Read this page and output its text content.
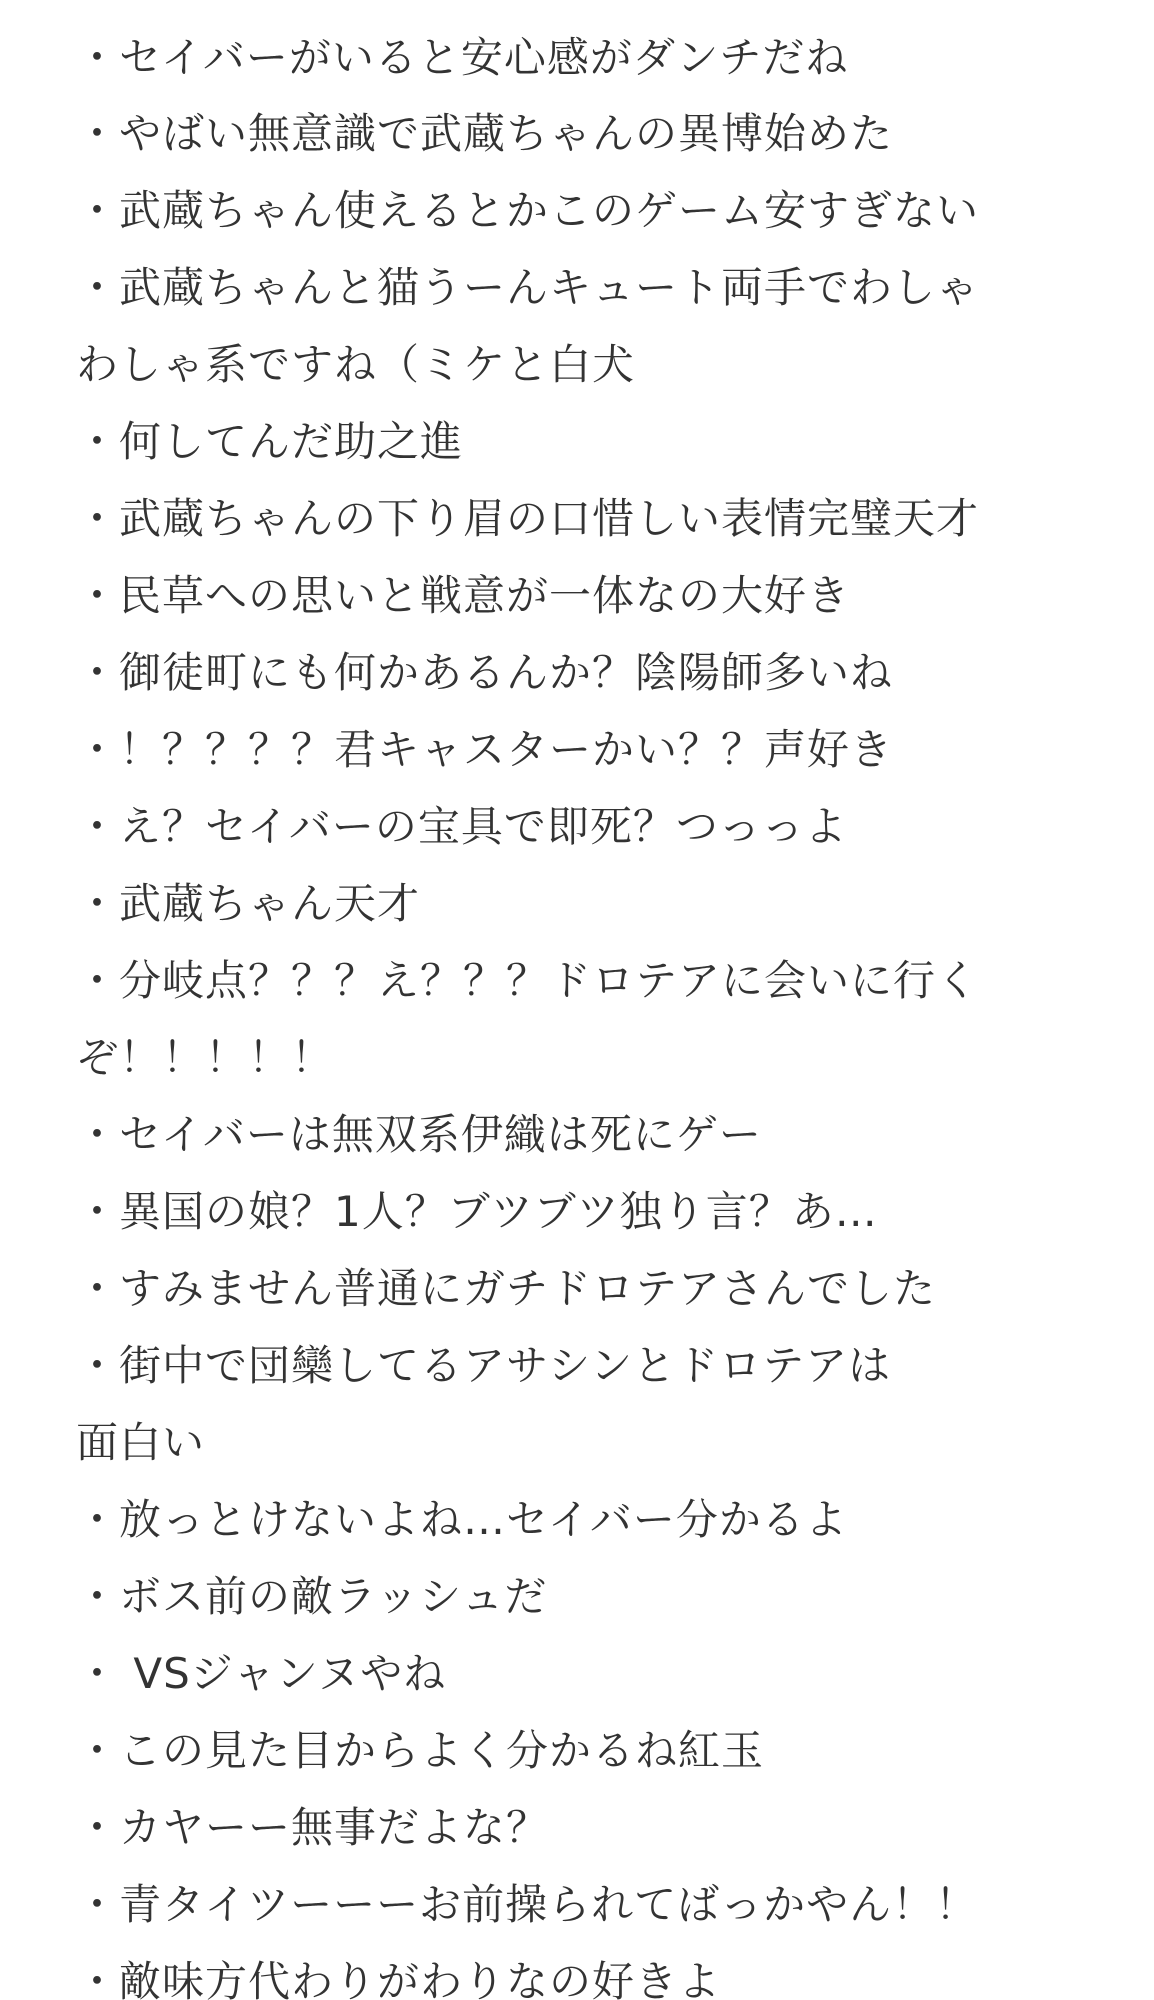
・セイバーがいると安心感がダンチだね
・やばい無意識で武蔵ちゃんの異博始めた
・武蔵ちゃん使えるとかこのゲーム安すぎない
・武蔵ちゃんと猫うーんキュート両手でわしゃ
わしゃ系ですね（ミケと白犬
・何してんだ助之進
・武蔵ちゃんの下り眉の口惜しい表情完璧天才
・民草への思いと戦意が一体なの大好き
・御徒町にも何かあるんか？陰陽師多いね
・！？？？？君キャスターかい？？声好き
・え？セイバーの宝具で即死？つっっよ
・武蔵ちゃん天才
・分岐点？？？え？？？ドロテアに会いに行く
ぞ！！！！！
・セイバーは無双系伊織は死にゲー
・異国の娘？1人？ブツブツ独り言？あ…
・すみません普通にガチドロテアさんでした
・街中で団欒してるアサシンとドロテアは
面白い
・放っとけないよね…セイバー分かるよ
・ボス前の敵ラッシュだ
・ VSジャンヌやね
・この見た目からよく分かるね紅玉
・カヤーー無事だよな？
・青タイツーーーお前操られてばっかやん！！
・敵味方代わりがわりなの好きよ
